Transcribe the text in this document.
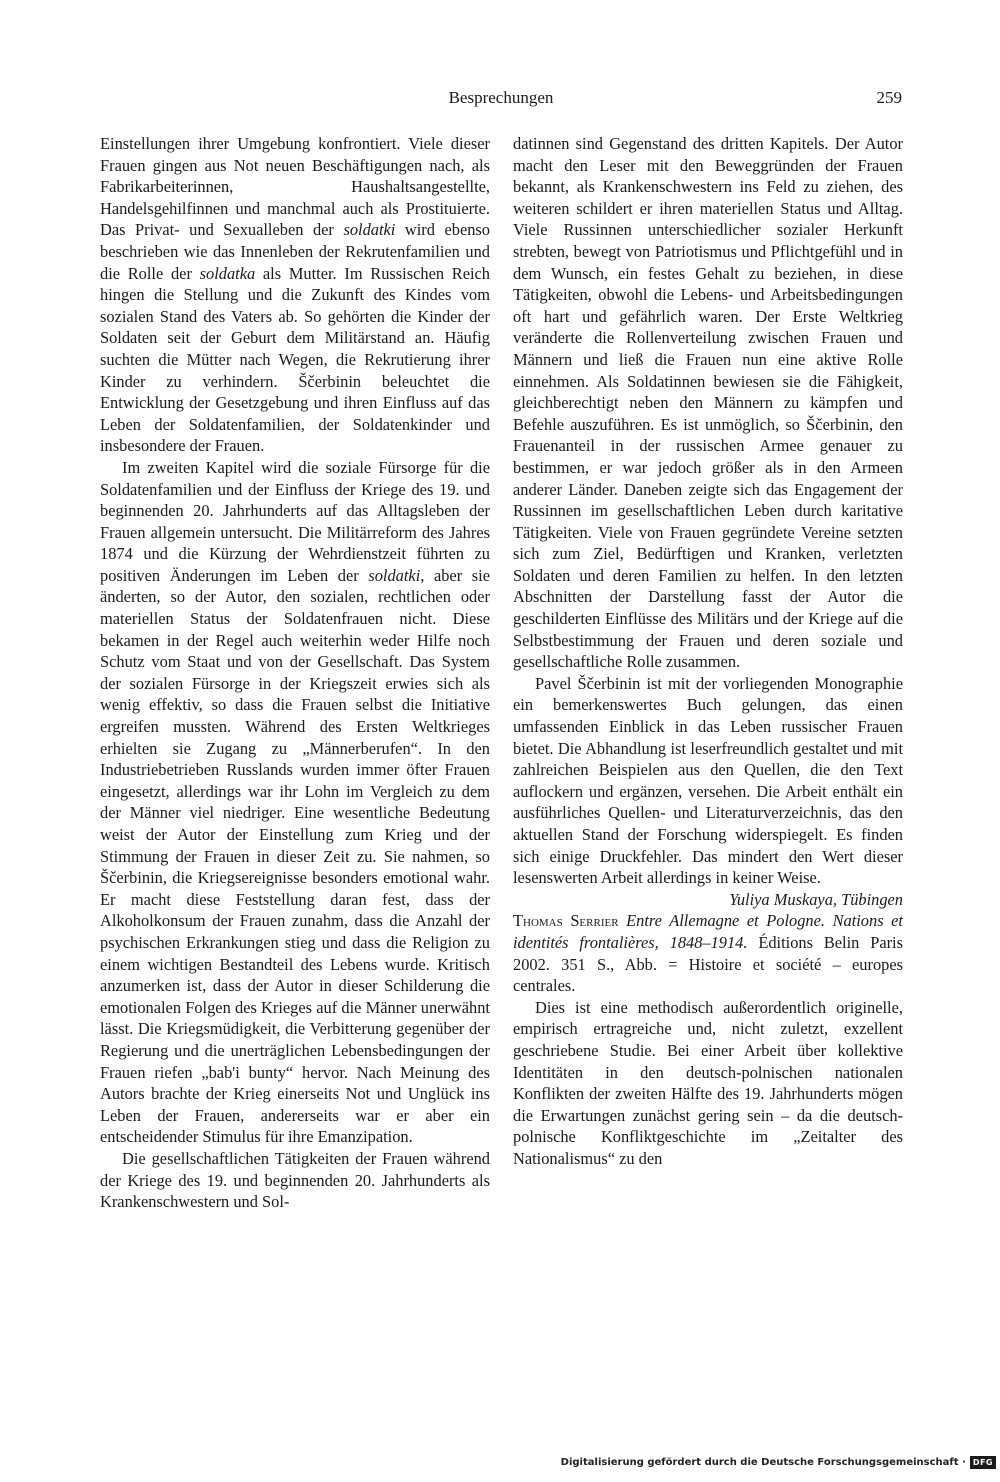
Besprechungen	259

Einstellungen ihrer Umgebung konfrontiert. Viele dieser Frauen gingen aus Not neuen Beschäftigungen nach, als Fabrikarbeiterinnen, Haushaltsangestellte, Handelsgehilfinnen und manchmal auch als Prostituierte. Das Privat- und Sexualleben der soldatki wird ebenso beschrieben wie das Innenleben der Rekrutenfamilien und die Rolle der soldatka als Mutter. Im Russischen Reich hingen die Stellung und die Zukunft des Kindes vom sozialen Stand des Vaters ab. So gehörten die Kinder der Soldaten seit der Geburt dem Militärstand an. Häufig suchten die Mütter nach Wegen, die Rekrutierung ihrer Kinder zu verhindern. Ščerbinin beleuchtet die Entwicklung der Gesetzgebung und ihren Einfluss auf das Leben der Soldatenfamilien, der Soldatenkinder und insbesondere der Frauen.

Im zweiten Kapitel wird die soziale Fürsorge für die Soldatenfamilien und der Einfluss der Kriege des 19. und beginnenden 20. Jahrhunderts auf das Alltagsleben der Frauen allgemein untersucht. Die Militärreform des Jahres 1874 und die Kürzung der Wehrdienstzeit führten zu positiven Änderungen im Leben der soldatki, aber sie änderten, so der Autor, den sozialen, rechtlichen oder materiellen Status der Soldatenfrauen nicht. Diese bekamen in der Regel auch weiterhin weder Hilfe noch Schutz vom Staat und von der Gesellschaft. Das System der sozialen Fürsorge in der Kriegszeit erwies sich als wenig effektiv, so dass die Frauen selbst die Initiative ergreifen mussten. Während des Ersten Weltkrieges erhielten sie Zugang zu „Männerberufen“. In den Industriebetrieben Russlands wurden immer öfter Frauen eingesetzt, allerdings war ihr Lohn im Vergleich zu dem der Männer viel niedriger. Eine wesentliche Bedeutung weist der Autor der Einstellung zum Krieg und der Stimmung der Frauen in dieser Zeit zu. Sie nahmen, so Ščerbinin, die Kriegsereignisse besonders emotional wahr. Er macht diese Feststellung daran fest, dass der Alkoholkonsum der Frauen zunahm, dass die Anzahl der psychischen Erkrankungen stieg und dass die Religion zu einem wichtigen Bestandteil des Lebens wurde. Kritisch anzumerken ist, dass der Autor in dieser Schilderung die emotionalen Folgen des Krieges auf die Männer unerwähnt lässt. Die Kriegsmüdigkeit, die Verbitterung gegenüber der Regierung und die unerträglichen Lebensbedingungen der Frauen riefen „bab'i bunty“ hervor. Nach Meinung des Autors brachte der Krieg einerseits Not und Unglück ins Leben der Frauen, andererseits war er aber ein entscheidender Stimulus für ihre Emanzipation.

Die gesellschaftlichen Tätigkeiten der Frauen während der Kriege des 19. und beginnenden 20. Jahrhunderts als Krankenschwestern und Sol-

datinnen sind Gegenstand des dritten Kapitels. Der Autor macht den Leser mit den Beweggründen der Frauen bekannt, als Krankenschwestern ins Feld zu ziehen, des weiteren schildert er ihren materiellen Status und Alltag. Viele Russinnen unterschiedlicher sozialer Herkunft strebten, bewegt von Patriotismus und Pflichtgefühl und in dem Wunsch, ein festes Gehalt zu beziehen, in diese Tätigkeiten, obwohl die Lebens- und Arbeitsbedingungen oft hart und gefährlich waren. Der Erste Weltkrieg veränderte die Rollenverteilung zwischen Frauen und Männern und ließ die Frauen nun eine aktive Rolle einnehmen. Als Soldatinnen bewiesen sie die Fähigkeit, gleichberechtigt neben den Männern zu kämpfen und Befehle auszuführen. Es ist unmöglich, so Ščerbinin, den Frauenanteil in der russischen Armee genauer zu bestimmen, er war jedoch größer als in den Armeen anderer Länder. Daneben zeigte sich das Engagement der Russinnen im gesellschaftlichen Leben durch karitative Tätigkeiten. Viele von Frauen gegründete Vereine setzten sich zum Ziel, Bedürftigen und Kranken, verletzten Soldaten und deren Familien zu helfen. In den letzten Abschnitten der Darstellung fasst der Autor die geschilderten Einflüsse des Militärs und der Kriege auf die Selbstbestimmung der Frauen und deren soziale und gesellschaftliche Rolle zusammen.

Pavel Ščerbinin ist mit der vorliegenden Monographie ein bemerkenswertes Buch gelungen, das einen umfassenden Einblick in das Leben russischer Frauen bietet. Die Abhandlung ist leserfreundlich gestaltet und mit zahlreichen Beispielen aus den Quellen, die den Text auflockern und ergänzen, versehen. Die Arbeit enthält ein ausführliches Quellen- und Literaturverzeichnis, das den aktuellen Stand der Forschung widerspiegelt. Es finden sich einige Druckfehler. Das mindert den Wert dieser lesenswerten Arbeit allerdings in keiner Weise.

Yuliya Muskaya, Tübingen

Thomas Serrier Entre Allemagne et Pologne. Nations et identités frontalières, 1848–1914. Éditions Belin Paris 2002. 351 S., Abb. = Histoire et société – europes centrales.

Dies ist eine methodisch außerordentlich originelle, empirisch ertragreiche und, nicht zuletzt, exzellent geschriebene Studie. Bei einer Arbeit über kollektive Identitäten in den deutsch-polnischen nationalen Konflikten der zweiten Hälfte des 19. Jahrhunderts mögen die Erwartungen zunächst gering sein – da die deutsch-polnische Konfliktgeschichte im „Zeitalter des Nationalismus“ zu den

Digitalisierung gefördert durch die Deutsche Forschungsgemeinschaft · DFG
